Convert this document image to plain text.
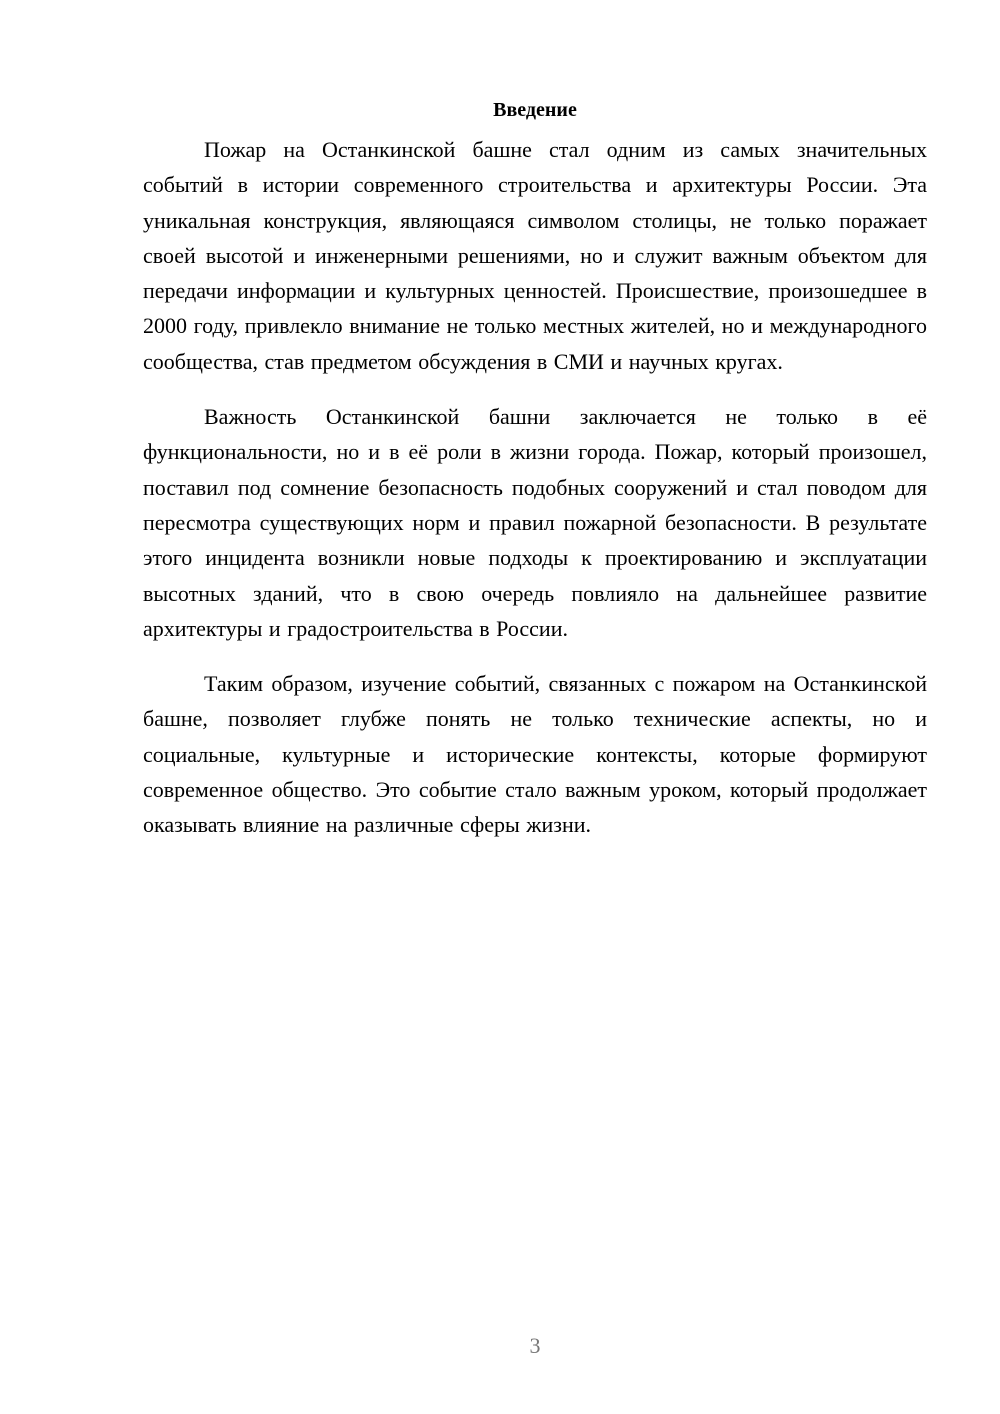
Введение

Пожар на Останкинской башне стал одним из самых значительных событий в истории современного строительства и архитектуры России. Эта уникальная конструкция, являющаяся символом столицы, не только поражает своей высотой и инженерными решениями, но и служит важным объектом для передачи информации и культурных ценностей. Происшествие, произошедшее в 2000 году, привлекло внимание не только местных жителей, но и международного сообщества, став предметом обсуждения в СМИ и научных кругах.

Важность Останкинской башни заключается не только в её функциональности, но и в её роли в жизни города. Пожар, который произошел, поставил под сомнение безопасность подобных сооружений и стал поводом для пересмотра существующих норм и правил пожарной безопасности. В результате этого инцидента возникли новые подходы к проектированию и эксплуатации высотных зданий, что в свою очередь повлияло на дальнейшее развитие архитектуры и градостроительства в России.

Таким образом, изучение событий, связанных с пожаром на Останкинской башне, позволяет глубже понять не только технические аспекты, но и социальные, культурные и исторические контексты, которые формируют современное общество. Это событие стало важным уроком, который продолжает оказывать влияние на различные сферы жизни.

3
